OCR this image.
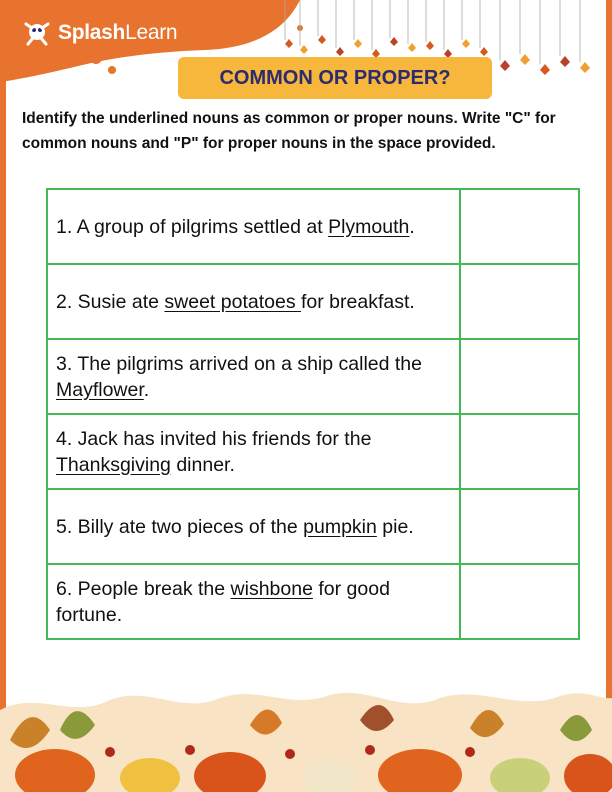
SplashLearn
COMMON OR PROPER?
Identify the underlined nouns as common or proper nouns. Write "C" for common nouns and "P" for proper nouns in the space provided.
1. A group of pilgrims settled at Plymouth.	
2. Susie ate sweet potatoes for breakfast.	
3. The pilgrims arrived on a ship called the Mayflower.	
4. Jack has invited his friends for the Thanksgiving dinner.	
5. Billy ate two pieces of the pumpkin pie.	
6. People break the wishbone for good fortune.	
